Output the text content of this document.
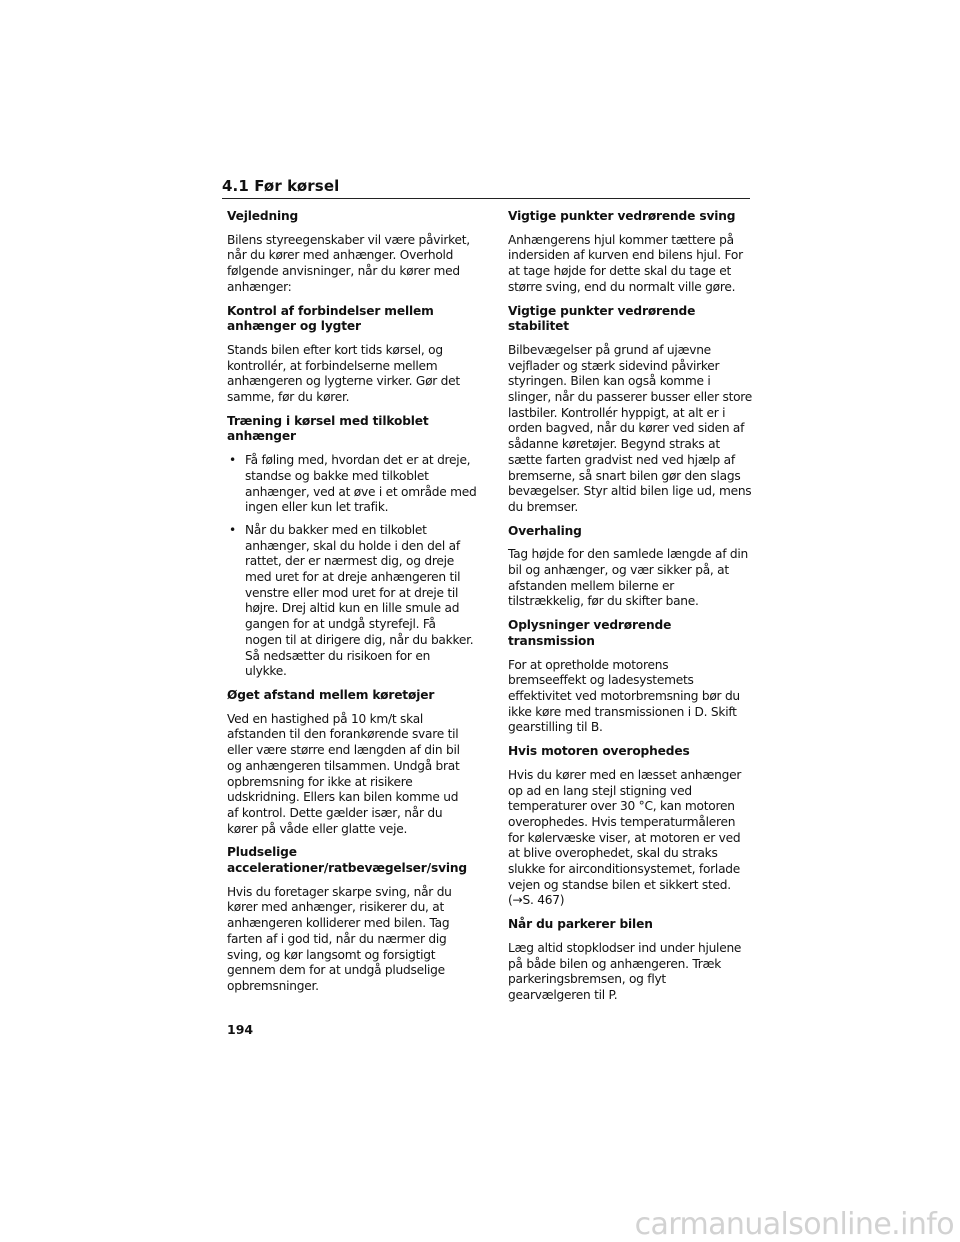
4.1 Før kørsel
Vejledning
Bilens styreegenskaber vil være påvirket,
når du kører med anhænger. Overhold
følgende anvisninger, når du kører med
anhænger:
Kontrol af forbindelser mellem
anhænger og lygter
Stands bilen efter kort tids kørsel, og
kontrollér, at forbindelserne mellem
anhængeren og lygterne virker. Gør det
samme, før du kører.
Træning i kørsel med tilkoblet
anhænger
• Få føling med, hvordan det er at dreje,
standse og bakke med tilkoblet
anhænger, ved at øve i et område med
ingen eller kun let trafik.
• Når du bakker med en tilkoblet
anhænger, skal du holde i den del af
rattet, der er nærmest dig, og dreje
med uret for at dreje anhængeren til
venstre eller mod uret for at dreje til
højre. Drej altid kun en lille smule ad
gangen for at undgå styrefejl. Få
nogen til at dirigere dig, når du bakker.
Så nedsætter du risikoen for en
ulykke.
Øget afstand mellem køretøjer
Ved en hastighed på 10 km/t skal
afstanden til den forankørende svare til
eller være større end længden af din bil
og anhængeren tilsammen. Undgå brat
opbremsning for ikke at risikere
udskridning. Ellers kan bilen komme ud
af kontrol. Dette gælder især, når du
kører på våde eller glatte veje.
Pludselige
accelerationer/ratbevægelser/sving
Hvis du foretager skarpe sving, når du
kører med anhænger, risikerer du, at
anhængeren kolliderer med bilen. Tag
farten af i god tid, når du nærmer dig
sving, og kør langsomt og forsigtigt
gennem dem for at undgå pludselige
opbremsninger.
Vigtige punkter vedrørende sving
Anhængerens hjul kommer tættere på
indersiden af kurven end bilens hjul. For
at tage højde for dette skal du tage et
større sving, end du normalt ville gøre.
Vigtige punkter vedrørende stabilitet
Bilbevægelser på grund af ujævne
vejflader og stærk sidevind påvirker
styringen. Bilen kan også komme i
slinger, når du passerer busser eller store
lastbiler. Kontrollér hyppigt, at alt er i
orden bagved, når du kører ved siden af
sådanne køretøjer. Begynd straks at
sætte farten gradvist ned ved hjælp af
bremserne, så snart bilen gør den slags
bevægelser. Styr altid bilen lige ud, mens
du bremser.
Overhaling
Tag højde for den samlede længde af din
bil og anhænger, og vær sikker på, at
afstanden mellem bilerne er
tilstrækkelig, før du skifter bane.
Oplysninger vedrørende transmission
For at opretholde motorens
bremseeffekt og ladesystemets
effektivitet ved motorbremsning bør du
ikke køre med transmissionen i D. Skift
gearstilling til B.
Hvis motoren overophedes
Hvis du kører med en læsset anhænger
op ad en lang stejl stigning ved
temperaturer over 30 °C, kan motoren
overophedes. Hvis temperaturmåleren
for kølervæske viser, at motoren er ved
at blive overophedet, skal du straks
slukke for airconditionsystemet, forlade
vejen og standse bilen et sikkert sted.
(→S. 467)
Når du parkerer bilen
Læg altid stopklodser ind under hjulene
på både bilen og anhængeren. Træk
parkeringsbremsen, og flyt
gearvælgeren til P.
194
carmanualsonline.info
